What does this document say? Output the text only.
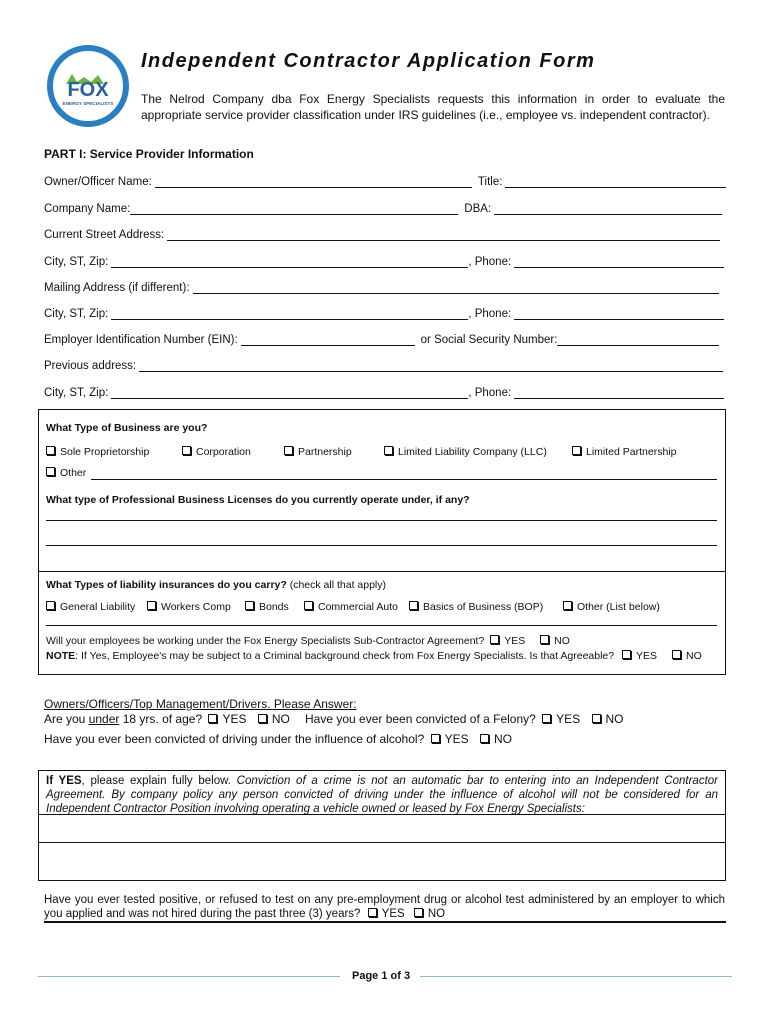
FOX
ENERGY SPECIALISTS
Independent Contractor Application Form
The Nelrod Company dba Fox Energy Specialists requests this information in order to evaluate the appropriate service provider classification under IRS guidelines (i.e., employee vs. independent contractor).
PART I: Service Provider Information
Owner/Officer Name:	Title:
Company Name:	DBA:
Current Street Address:
City, ST, Zip:	, Phone:
Mailing Address (if different):
City, ST, Zip:	, Phone:
Employer Identification Number (EIN):	or Social Security Number:
Previous address:
City, ST, Zip:	, Phone:
What Type of Business are you?
Sole Proprietorship	Corporation	Partnership	Limited Liability Company (LLC)	Limited Partnership
Other
What type of Professional Business Licenses do you currently operate under, if any?
What Types of liability insurances do you carry? (check all that apply)
General Liability	Workers Comp	Bonds	Commercial Auto	Basics of Business (BOP)	Other (List below)
Will your employees be working under the Fox Energy Specialists Sub-Contractor Agreement? YES	NO
NOTE: If Yes, Employee's may be subject to a Criminal background check from Fox Energy Specialists. Is that Agreeable? YES	NO
Owners/Officers/Top Management/Drivers. Please Answer:
Are you under 18 yrs. of age? YES NO Have you ever been convicted of a Felony? YES NO
Have you ever been convicted of driving under the influence of alcohol? YES NO
If YES, please explain fully below. Conviction of a crime is not an automatic bar to entering into an Independent Contractor Agreement. By company policy any person convicted of driving under the influence of alcohol will not be considered for an Independent Contractor Position involving operating a vehicle owned or leased by Fox Energy Specialists:
Have you ever tested positive, or refused to test on any pre-employment drug or alcohol test administered by an employer to which you applied and was not hired during the past three (3) years? YES NO
Page 1 of 3
